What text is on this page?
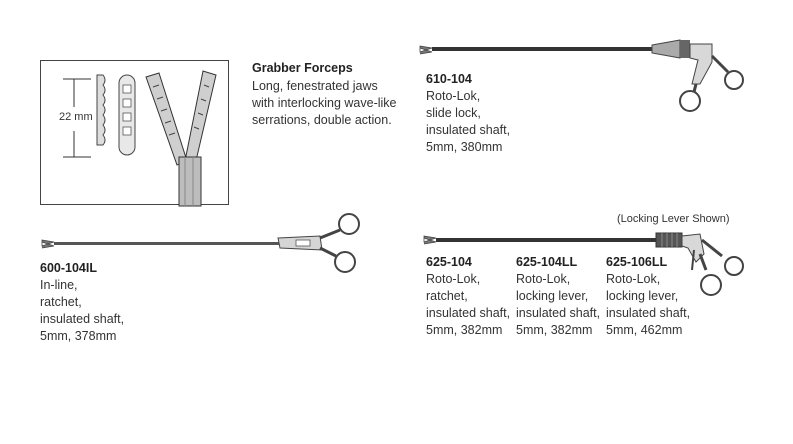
22 mm
Grabber Forceps
Long, fenestrated jaws
with interlocking wave-like
serrations, double action.
610-104
Roto-Lok,
slide lock,
insulated shaft,
5mm, 380mm
600-104IL
In-line,
ratchet,
insulated shaft,
5mm, 378mm
(Locking Lever Shown)
625-104
Roto-Lok,
ratchet,
insulated shaft,
5mm, 382mm
625-104LL
Roto-Lok,
locking lever,
insulated shaft,
5mm, 382mm
625-106LL
Roto-Lok,
locking lever,
insulated shaft,
5mm, 462mm
